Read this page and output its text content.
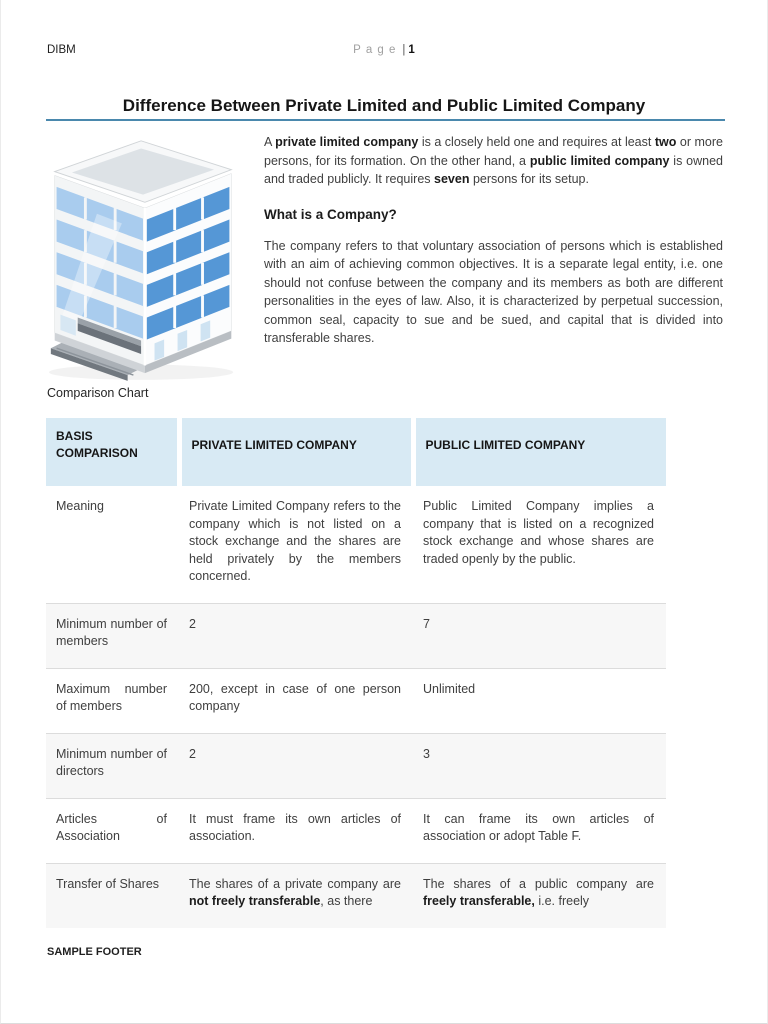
DIBM	P a g e | 1
Difference Between Private Limited and Public Limited Company
Comparison Chart

A private limited company is a closely held one and requires at least two or more persons, for its formation. On the other hand, a public limited company is owned and traded publicly. It requires seven persons for its setup.

What is a Company?

The company refers to that voluntary association of persons which is established with an aim of achieving common objectives. It is a separate legal entity, i.e. one should not confuse between the company and its members as both are different personalities in the eyes of law. Also, it is characterized by perpetual succession, common seal, capacity to sue and be sued, and capital that is divided into transferable shares.

BASIS COMPARISON	PRIVATE LIMITED COMPANY	PUBLIC LIMITED COMPANY
Meaning	Private Limited Company refers to the company which is not listed on a stock exchange and the shares are held privately by the members concerned.	Public Limited Company implies a company that is listed on a recognized stock exchange and whose shares are traded openly by the public.
Minimum number of members	2	7
Maximum number of members	200, except in case of one person company	Unlimited
Minimum number of directors	2	3
Articles of Association	It must frame its own articles of association.	It can frame its own articles of association or adopt Table F.
Transfer of Shares	The shares of a private company are not freely transferable, as there	The shares of a public company are freely transferable, i.e. freely
SAMPLE FOOTER
